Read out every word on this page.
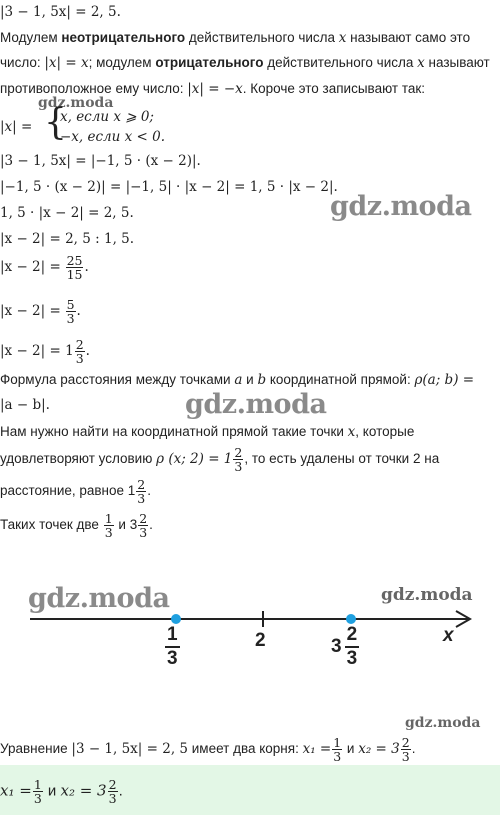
|3 − 1, 5x| = 2, 5.
Модулем неотрицательного действительного числа x называют само это
число: |x| = x; модулем отрицательного действительного числа x называют
противоположное ему число: |x| = −x. Короче это записывают так:
gdz.moda
|x| = {
x, если x ⩾ 0;
−x, если x < 0.
|3 − 1, 5x| = |−1, 5 · (x − 2)|.
|−1, 5 · (x − 2)| = |−1, 5| · |x − 2| = 1, 5 · |x − 2|.
1, 5 · |x − 2| = 2, 5.	gdz.moda
|x − 2| = 2, 5 : 1, 5.
$|x - 2| = \frac{25}{15}$ .
$|x - 2| = \frac{5}{3}$ .
$|x - 2| = 1 \frac{2}{3}$ .
Формула расстояния между точками a и b координатной прямой: ρ(a; b) =
|a − b|.	gdz.moda
Нам нужно найти на координатной прямой такие точки x, которые
удовлетворяют условию ρ (x; $2) = 1 \frac{2}{3}$ , то есть удалены от точки 2 на
расстояние, равное $1 \frac{2}{3}$ .
Таких точек две $\frac{1}{3}$ и $3 \frac{2}{3}$ .
gdz.moda	gdz.moda
$\frac{1}{3}$	2	$3 \frac{2}{3}$	x
gdz.moda
Уравнение |3 − 1, 5x| = 2, 5 имеет два корня: $x_1 = \frac{1}{3}$ и $x_2 = 3 \frac{2}{3}$ .
$x_1 = \frac{1}{3}$ и $x_2 = 3 \frac{2}{3}$ .
